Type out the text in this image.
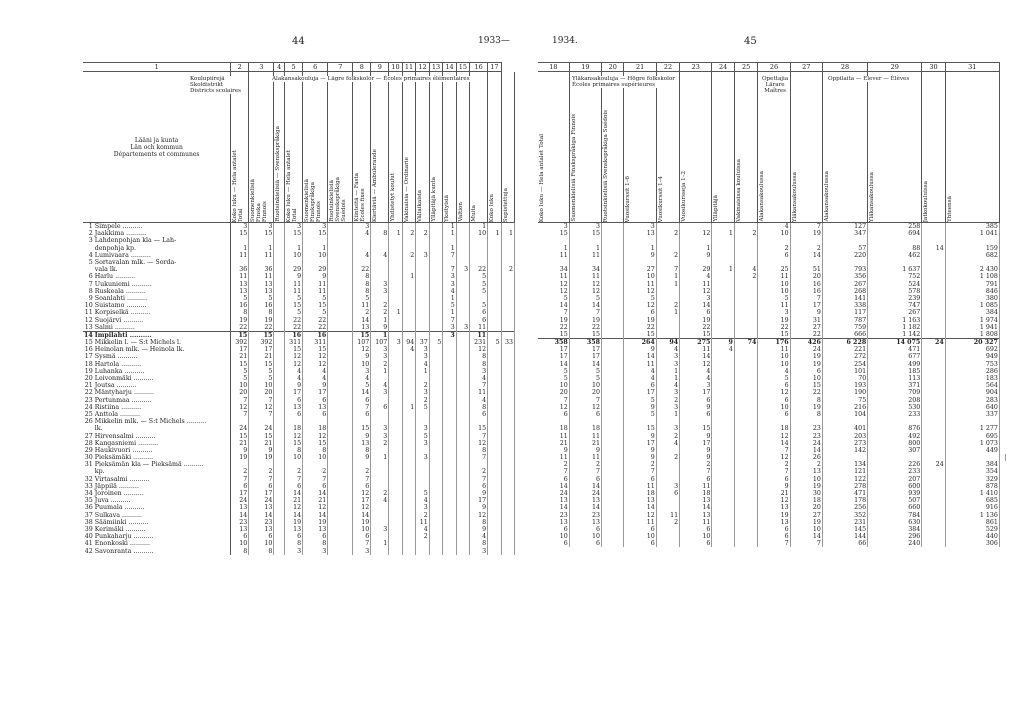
44	1933—
1		2	3	4	5	6	7	8	9	10	11	12	13	14	15	16	17	
Lääni ja kunta
Län och kommun
Départements et communes		Koko luku — Hela antalet
Total	Suomenkielisiä
Finska
Finnois	Ruotsinkielisiä — Svenskspråkiga	Koko luku — Hela antalet
Total	Suomenkielisiä
Finskspråkiga
Finnois	Ruotsinkielisiä
Svenskspråkiga
Suédois	Kiinteitä — Fasta
Écoles fixes	Kiertäviä — Ambulerande	Yhdistetyt koulut	Vakinaisia — Ordinarie	Väliaikaisia	Ylläpitäjä kunta	Yksityisiä	Valtion	Muita	Koko luku	Supistettuja

1	Simpele ..........	3	3		3	3		3						1		1		
2	Jaakkima ..........	15	15		15	15		4	8	1	2	2		1		10	1	1
3	Lahdenpohjan kla — Lah-																	
	denpohja kp.	1	1		1	1								1				
4	Lumivaara ..........	11	11		10	10		4	4		2	3		7				
5	Sortavalan mlk. — Sorda-																	
	vala lk.	36	36		29	29		22						7	3	22		2
6	Harlu ..........	11	11		9	9		8			1			3		5		
7	Uukuniemi ..........	13	13		11	11		8	3					3		5		
8	Ruskeala ..........	13	13		11	11		8	3					4		5		
9	Soanlahti ..........	5	5		5	5		5						1				
10	Suistamo ..........	16	16		15	15		11	2					5		5		
11	Korpiselkä ..........	8	8		5	5		2	2	1				1		6		
12	Suojärvi ..........	19	19		22	22		14	1					7		6		
13	Salmi ..........	22	22		22	22		13	9					3	3	11		
14	Impilahti ..........	15	15		16	16		15	1					3		11		
15	Mikkelin l. — S:t Michels l.	392	392		311	311		107	107	3	94	37	5			231	5	33
16	Heinolan mlk. — Heinola lk.	17	17		15	15		12	3		4	3				12		
17	Sysmä ..........	21	21		12	12		9	3			3				8		
18	Hartola ..........	15	15		12	12		10	2			4				8		
19	Luhanka ..........	5	5		4	4		3	1			1				3		
20	Leivonmäki ..........	5	5		4	4		4								4		
21	Joutsa ..........	10	10		9	9		5	4			2				7		
22	Mäntyharju ..........	20	20		17	17		14	3			3				11		
23	Pertunmaa ..........	7	7		6	6		6				2				4		
24	Ristiina ..........	12	12		13	13		7	6		1	5				8		
25	Anttola ..........	7	7		6	6		6								6		
26	Mikkelin mlk. — S:t Michels ..........																	
	lk.	24	24		18	18		15	3			3				15		
27	Hirvensalmi ..........	15	15		12	12		9	3			5				7		
28	Kangasniemi ..........	21	21		15	15		13	2			3				12		
29	Haukivuori ..........	9	9		8	8		8								8		
30	Pieksämäki ..........	19	19		10	10		9	1			3				7		
31	Pieksämän kla — Pieksämä ..........																	
	kp.	2	2		2	2		2								2		
32	Virtasalmi ..........	7	7		7	7		7								7		
33	Jäppilä ..........	6	6		6	6		6								6		
34	Joroinen ..........	17	17		14	14		12	2			5				9		
35	Juva ..........	24	24		21	21		17	4			4				17		
36	Puumala ..........	13	13		12	12		12				3				9		
37	Sulkava ..........	14	14		14	14		14				2				12		
38	Säämiinki ..........	23	23		19	19		19				11				8		
39	Kerimäki ..........	13	13		13	13		10	3			4				9		
40	Punkaharju ..........	6	6		6	6		6				2				4		
41	Enonkoski ..........	10	10		8	8		7	1							8		
42	Savonranta ..........	8	8		3	3		3								3		
Koulupiirejä
Skoldistrikt
Districts scolaires
Alakansakouluja — Lägre folkskolor — Écoles primaires élémentaires
1934.	45
18	19	20	21	22	23	24	25	26	27	28	29	30	31	

Koko luku — Hela antalet Total	Suomenkielisiä Finskspråkiga Finnois	Ruotsinkielisiä Svenskspråkiga Suédois	Vuosikurssit 1–6	Vuosikurssit 1–4	Vuosikursseja 1–2	Ylläpitäjä	Vakinaisissa kouluissa	Alakansakoulussa	Yläkansakoulussa	Alakansakoulussa	Yläkansakoulussa	Jatkokouluissa	Yhteensä	

3	3		3					4	7	127	258		385	
15	15		13	2	12	1	2	10	19	347	694		1 041	

1	1		1		1			2	2	57	88	14	159	
11	11		9	2	9			6	14	220	462		682	

34	34		27	7	29	1	4	25	51	793	1 637		2 430	
11	11		10	1	4		2	11	20	356	752		1 108	
12	12		11	1	11			10	16	267	524		791	
12	12		12		12			10	16	268	578		846	
5	5		5		3			5	7	141	239		380	
14	14		12	2	14			11	17	338	747		1 085	
7	7		6	1	6			3	9	117	267		384	
19	19		19		19			19	31	787	1 163		1 974	
22	22		22		22			22	27	759	1 182		1 941	
15	15		15		15			15	22	666	1 142		1 808	
358	358		264	94	275	9	74	176	426	6 228	14 075	24	20 327	
17	17		9	4	11	4		11	24	221	471		692	
17	17		14	3	14			10	19	272	677		949	
14	14		11	3	12			10	19	254	499		753	
5	5		4	1	4			4	6	101	185		286	
5	5		4	1	4			5	10	70	113		183	
10	10		6	4	3			6	15	193	371		564	
20	20		17	3	17			12	22	190	709		904	
7	7		5	2	6			6	8	75	208		283	
12	12		9	3	9			10	19	216	530		640	
6	6		5	1	6			6	8	104	233		337	

18	18		15	3	15			18	23	401	876		1 277	
11	11		9	2	9			12	23	203	492		695	
21	21		17	4	17			14	24	273	800		1 073	
9	9		9		9			7	14	142	307		449	
11	11		9	2	9			12	26					
2	2		2		2			2	2	134	226	24	384	
7	7		7		7			7	13	121	233		354	
6	6		6		6			6	10	122	207		329	
14	14		11	3	11			9	19	278	600		878	
24	24		18	6	18			21	30	471	939		1 410	
13	13		13		13			12	18	178	507		685	
14	14		14		14			13	20	256	660		916	
23	23		12	11	13			19	27	352	784		1 136	
13	13		11	2	11			13	19	231	630		861	
6	6		6		6			6	10	145	384		529	
10	10		10		10			6	14	144	296		440	
6	6		6		6			7	7	66	240		306	
Yläkansakouluja — Högre folkskolor
Écoles primaires supérieures
Opettajia
Lärare
Maîtres
Oppilaita — Elever — Élèves
